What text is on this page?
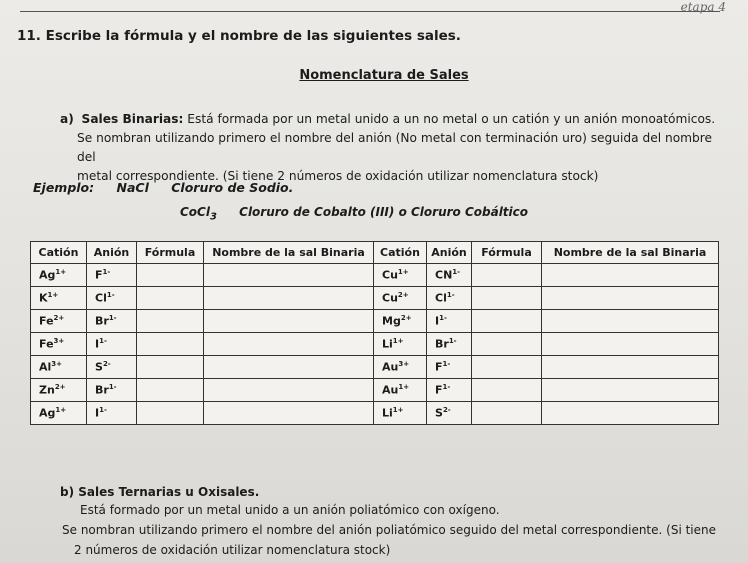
etapa 4
11. Escribe la fórmula y el nombre de las siguientes sales.
Nomenclatura de Sales
a) Sales Binarias: Está formada por un metal unido a un no metal o un catión y un anión monoatómicos.
Se nombran utilizando primero el nombre del anión (No metal con terminación uro) seguida del nombre del
metal correspondiente. (Si tiene 2 números de oxidación utilizar nomenclatura stock)
Ejemplo: NaCl Cloruro de Sodio.
CoCl$_3$ Cloruro de Cobalto (III) o Cloruro Cobáltico
Catión	Anión	Fórmula	Nombre de la sal Binaria	Catión	Anión	Fórmula	Nombre de la sal Binaria
$Ag^{1+}$	$F^{1-}$			$Cu^{1+}$	$CN^{1-}$		
$K^{1+}$	$Cl^{1-}$			$Cu^{2+}$	$Cl^{1-}$		
$Fe^{2+}$	$Br^{1-}$			$Mg^{2+}$	$I^{1-}$		
$Fe^{3+}$	$I^{1-}$			$Li^{1+}$	$Br^{1-}$		
$Al^{3+}$	$S^{2-}$			$Au^{3+}$	$F^{1-}$		
$Zn^{2+}$	$Br^{1-}$			$Au^{1+}$	$F^{1-}$		
$Ag^{1+}$	$I^{1-}$			$Li^{1+}$	$S^{2-}$		
b) Sales Ternarias u Oxisales.
Está formado por un metal unido a un anión poliatómico con oxígeno.
Se nombran utilizando primero el nombre del anión poliatómico seguido del metal correspondiente. (Si tiene
2 números de oxidación utilizar nomenclatura stock)
